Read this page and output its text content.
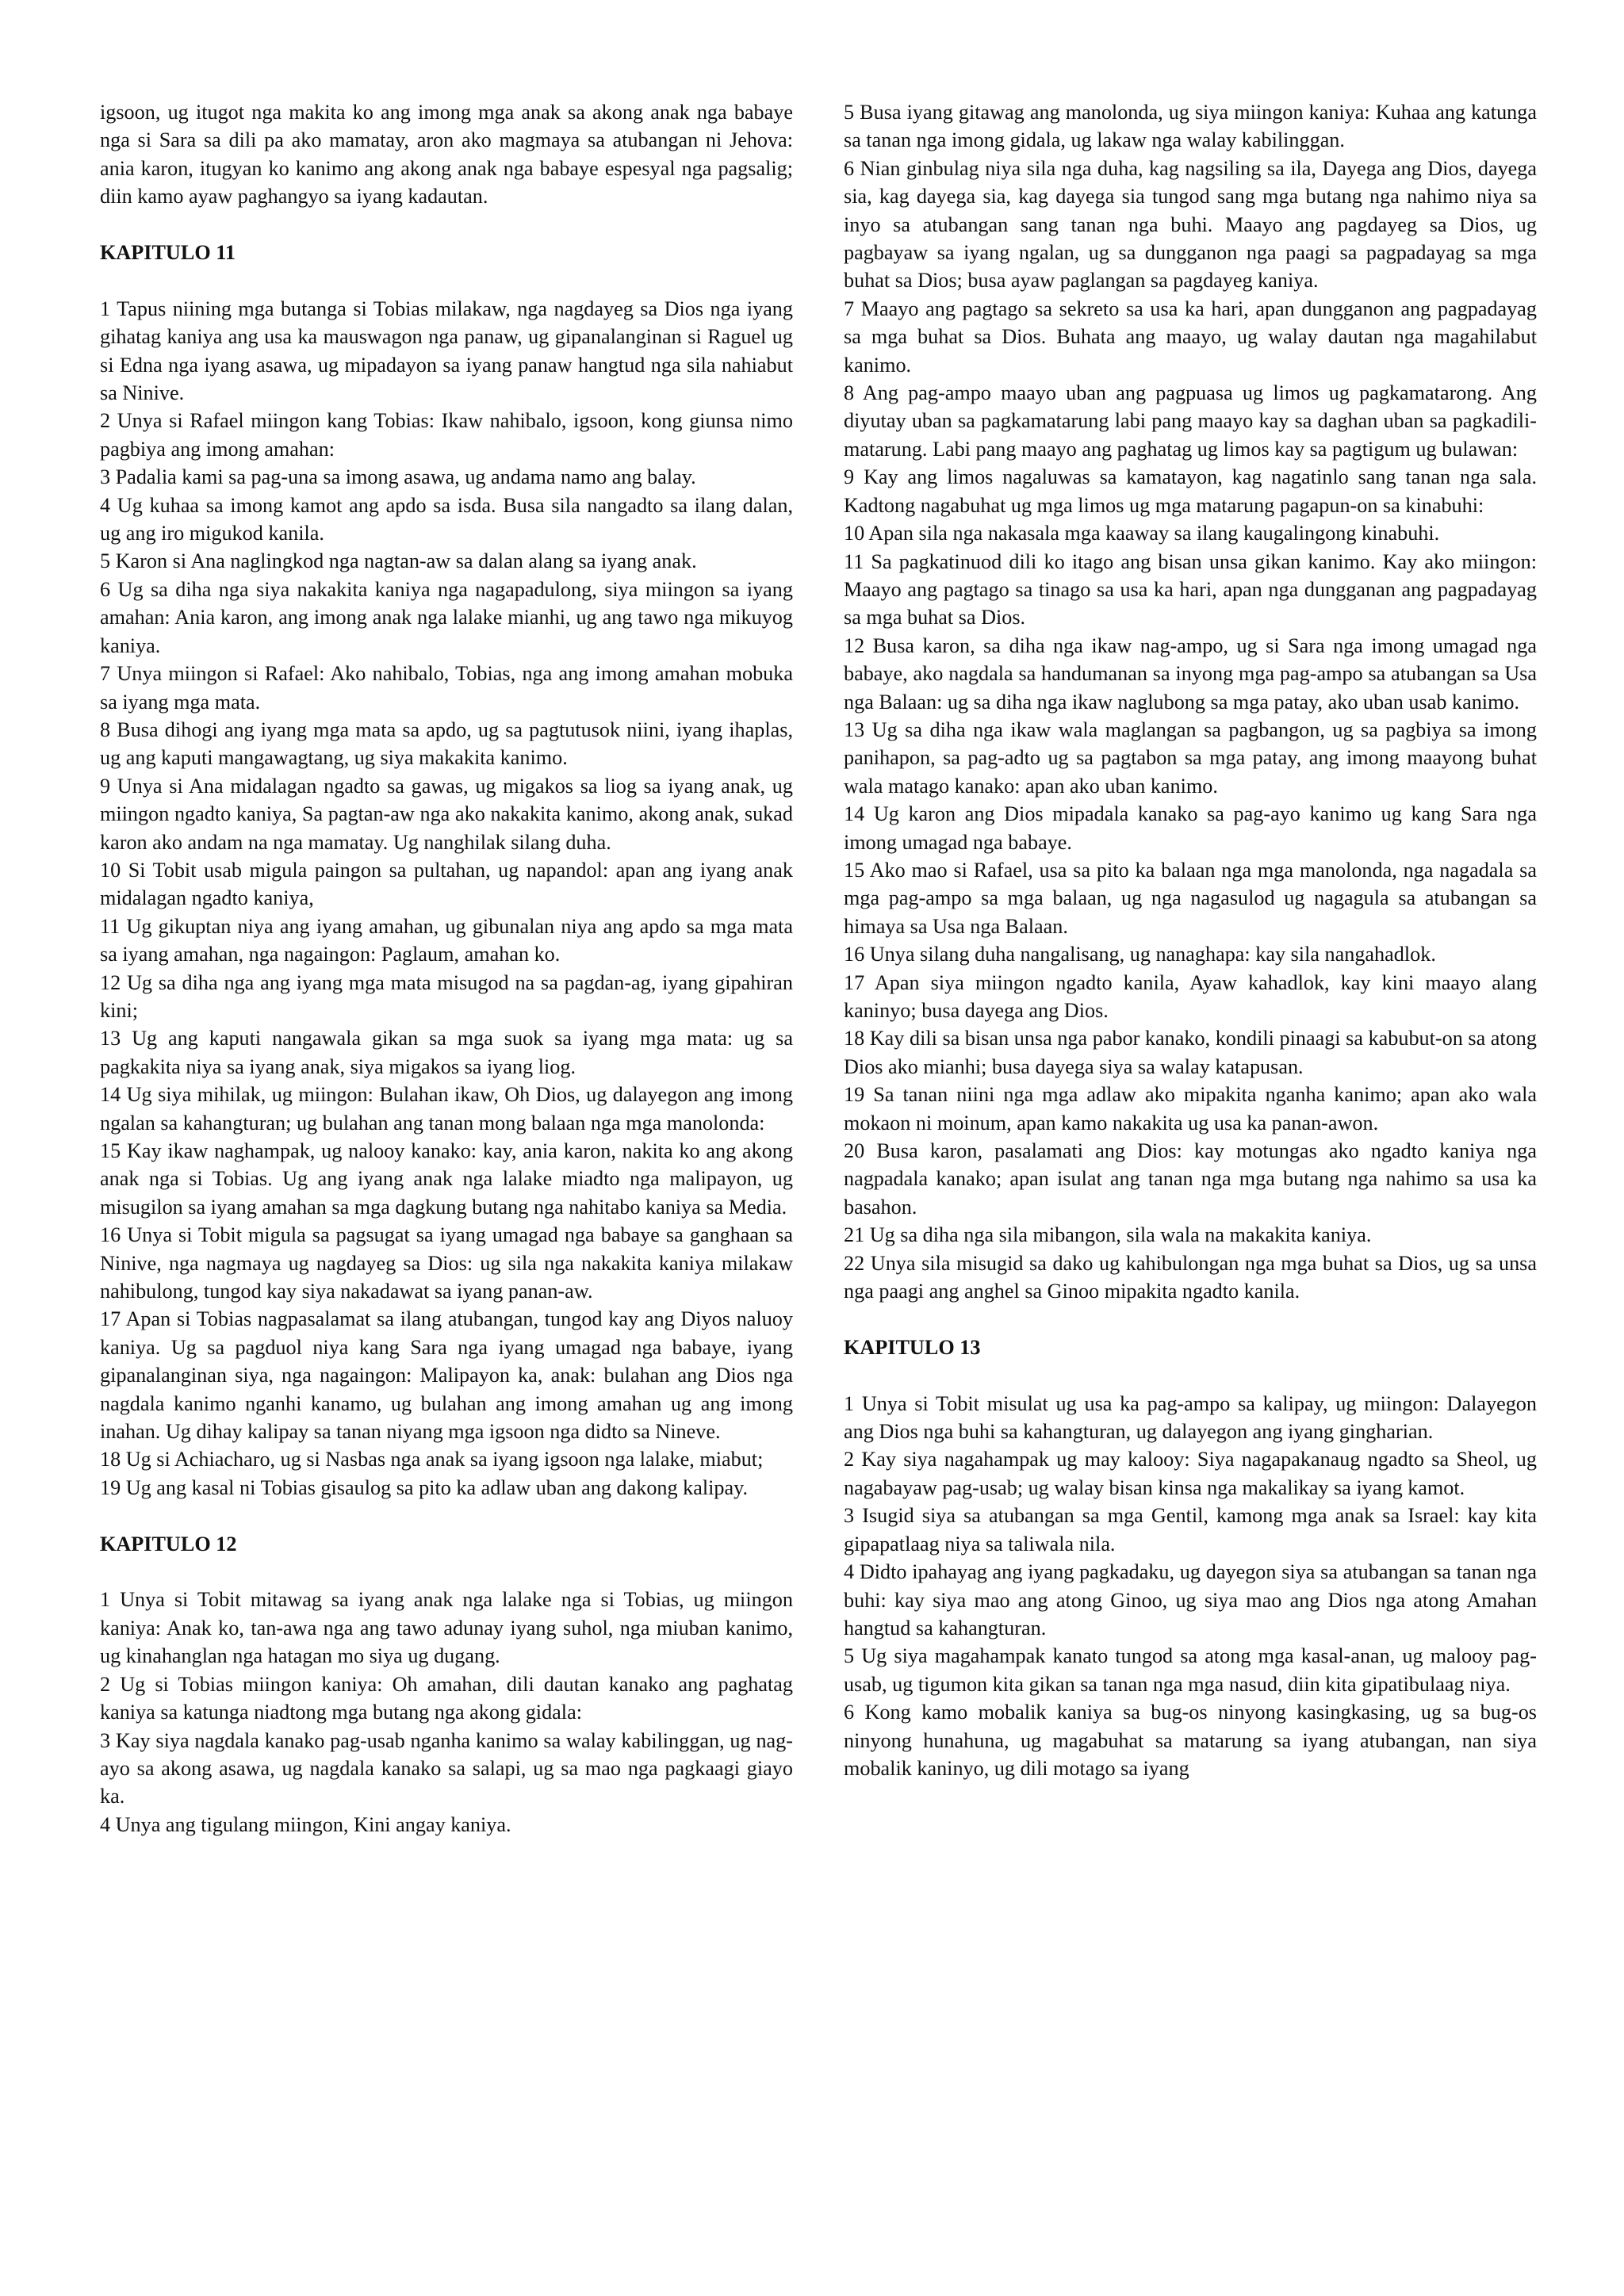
igsoon, ug itugot nga makita ko ang imong mga anak sa akong anak nga babaye nga si Sara sa dili pa ako mamatay, aron ako magmaya sa atubangan ni Jehova: ania karon, itugyan ko kanimo ang akong anak nga babaye espesyal nga pagsalig; diin kamo ayaw paghangyo sa iyang kadautan.

KAPITULO 11

1 Tapus niining mga butanga si Tobias milakaw, nga nagdayeg sa Dios nga iyang gihatag kaniya ang usa ka mauswagon nga panaw, ug gipanalanginan si Raguel ug si Edna nga iyang asawa, ug mipadayon sa iyang panaw hangtud nga sila nahiabut sa Ninive.

2 Unya si Rafael miingon kang Tobias: Ikaw nahibalo, igsoon, kong giunsa nimo pagbiya ang imong amahan:

3 Padalia kami sa pag-una sa imong asawa, ug andama namo ang balay.

4 Ug kuhaa sa imong kamot ang apdo sa isda. Busa sila nangadto sa ilang dalan, ug ang iro migukod kanila.

5 Karon si Ana naglingkod nga nagtan-aw sa dalan alang sa iyang anak.

6 Ug sa diha nga siya nakakita kaniya nga nagapadulong, siya miingon sa iyang amahan: Ania karon, ang imong anak nga lalake mianhi, ug ang tawo nga mikuyog kaniya.

7 Unya miingon si Rafael: Ako nahibalo, Tobias, nga ang imong amahan mobuka sa iyang mga mata.

8 Busa dihogi ang iyang mga mata sa apdo, ug sa pagtutusok niini, iyang ihaplas, ug ang kaputi mangawagtang, ug siya makakita kanimo.

9 Unya si Ana midalagan ngadto sa gawas, ug migakos sa liog sa iyang anak, ug miingon ngadto kaniya, Sa pagtan-aw nga ako nakakita kanimo, akong anak, sukad karon ako andam na nga mamatay. Ug nanghilak silang duha.

10 Si Tobit usab migula paingon sa pultahan, ug napandol: apan ang iyang anak midalagan ngadto kaniya,

11 Ug gikuptan niya ang iyang amahan, ug gibunalan niya ang apdo sa mga mata sa iyang amahan, nga nagaingon: Paglaum, amahan ko.

12 Ug sa diha nga ang iyang mga mata misugod na sa pagdan-ag, iyang gipahiran kini;

13 Ug ang kaputi nangawala gikan sa mga suok sa iyang mga mata: ug sa pagkakita niya sa iyang anak, siya migakos sa iyang liog.

14 Ug siya mihilak, ug miingon: Bulahan ikaw, Oh Dios, ug dalayegon ang imong ngalan sa kahangturan; ug bulahan ang tanan mong balaan nga mga manolonda:

15 Kay ikaw naghampak, ug nalooy kanako: kay, ania karon, nakita ko ang akong anak nga si Tobias. Ug ang iyang anak nga lalake miadto nga malipayon, ug misugilon sa iyang amahan sa mga dagkung butang nga nahitabo kaniya sa Media.

16 Unya si Tobit migula sa pagsugat sa iyang umagad nga babaye sa ganghaan sa Ninive, nga nagmaya ug nagdayeg sa Dios: ug sila nga nakakita kaniya milakaw nahibulong, tungod kay siya nakadawat sa iyang panan-aw.

17 Apan si Tobias nagpasalamat sa ilang atubangan, tungod kay ang Diyos naluoy kaniya. Ug sa pagduol niya kang Sara nga iyang umagad nga babaye, iyang gipanalanginan siya, nga nagaingon: Malipayon ka, anak: bulahan ang Dios nga nagdala kanimo nganhi kanamo, ug bulahan ang imong amahan ug ang imong inahan. Ug dihay kalipay sa tanan niyang mga igsoon nga didto sa Nineve.

18 Ug si Achiacharo, ug si Nasbas nga anak sa iyang igsoon nga lalake, miabut;

19 Ug ang kasal ni Tobias gisaulog sa pito ka adlaw uban ang dakong kalipay.

KAPITULO 12

1 Unya si Tobit mitawag sa iyang anak nga lalake nga si Tobias, ug miingon kaniya: Anak ko, tan-awa nga ang tawo adunay iyang suhol, nga miuban kanimo, ug kinahanglan nga hatagan mo siya ug dugang.

2 Ug si Tobias miingon kaniya: Oh amahan, dili dautan kanako ang paghatag kaniya sa katunga niadtong mga butang nga akong gidala:

3 Kay siya nagdala kanako pag-usab nganha kanimo sa walay kabilinggan, ug nag-ayo sa akong asawa, ug nagdala kanako sa salapi, ug sa mao nga pagkaagi giayo ka.

4 Unya ang tigulang miingon, Kini angay kaniya.

5 Busa iyang gitawag ang manolonda, ug siya miingon kaniya: Kuhaa ang katunga sa tanan nga imong gidala, ug lakaw nga walay kabilinggan.

6 Nian ginbulag niya sila nga duha, kag nagsiling sa ila, Dayega ang Dios, dayega sia, kag dayega sia, kag dayega sia tungod sang mga butang nga nahimo niya sa inyo sa atubangan sang tanan nga buhi. Maayo ang pagdayeg sa Dios, ug pagbayaw sa iyang ngalan, ug sa dungganon nga paagi sa pagpadayag sa mga buhat sa Dios; busa ayaw paglangan sa pagdayeg kaniya.

7 Maayo ang pagtago sa sekreto sa usa ka hari, apan dungganon ang pagpadayag sa mga buhat sa Dios. Buhata ang maayo, ug walay dautan nga magahilabut kanimo.

8 Ang pag-ampo maayo uban ang pagpuasa ug limos ug pagkamatarong. Ang diyutay uban sa pagkamatarung labi pang maayo kay sa daghan uban sa pagkadili-matarung. Labi pang maayo ang paghatag ug limos kay sa pagtigum ug bulawan:

9 Kay ang limos nagaluwas sa kamatayon, kag nagatinlo sang tanan nga sala. Kadtong nagabuhat ug mga limos ug mga matarung pagapun-on sa kinabuhi:

10 Apan sila nga nakasala mga kaaway sa ilang kaugalingong kinabuhi.

11 Sa pagkatinuod dili ko itago ang bisan unsa gikan kanimo. Kay ako miingon: Maayo ang pagtago sa tinago sa usa ka hari, apan nga dungganan ang pagpadayag sa mga buhat sa Dios.

12 Busa karon, sa diha nga ikaw nag-ampo, ug si Sara nga imong umagad nga babaye, ako nagdala sa handumanan sa inyong mga pag-ampo sa atubangan sa Usa nga Balaan: ug sa diha nga ikaw naglubong sa mga patay, ako uban usab kanimo.

13 Ug sa diha nga ikaw wala maglangan sa pagbangon, ug sa pagbiya sa imong panihapon, sa pag-adto ug sa pagtabon sa mga patay, ang imong maayong buhat wala matago kanako: apan ako uban kanimo.

14 Ug karon ang Dios mipadala kanako sa pag-ayo kanimo ug kang Sara nga imong umagad nga babaye.

15 Ako mao si Rafael, usa sa pito ka balaan nga mga manolonda, nga nagadala sa mga pag-ampo sa mga balaan, ug nga nagasulod ug nagagula sa atubangan sa himaya sa Usa nga Balaan.

16 Unya silang duha nangalisang, ug nanaghapa: kay sila nangahadlok.

17 Apan siya miingon ngadto kanila, Ayaw kahadlok, kay kini maayo alang kaninyo; busa dayega ang Dios.

18 Kay dili sa bisan unsa nga pabor kanako, kondili pinaagi sa kabubut-on sa atong Dios ako mianhi; busa dayega siya sa walay katapusan.

19 Sa tanan niini nga mga adlaw ako mipakita nganha kanimo; apan ako wala mokaon ni moinum, apan kamo nakakita ug usa ka panan-awon.

20 Busa karon, pasalamati ang Dios: kay motungas ako ngadto kaniya nga nagpadala kanako; apan isulat ang tanan nga mga butang nga nahimo sa usa ka basahon.

21 Ug sa diha nga sila mibangon, sila wala na makakita kaniya.

22 Unya sila misugid sa dako ug kahibulongan nga mga buhat sa Dios, ug sa unsa nga paagi ang anghel sa Ginoo mipakita ngadto kanila.

KAPITULO 13

1 Unya si Tobit misulat ug usa ka pag-ampo sa kalipay, ug miingon: Dalayegon ang Dios nga buhi sa kahangturan, ug dalayegon ang iyang gingharian.

2 Kay siya nagahampak ug may kalooy: Siya nagapakanaug ngadto sa Sheol, ug nagabayaw pag-usab; ug walay bisan kinsa nga makalikay sa iyang kamot.

3 Isugid siya sa atubangan sa mga Gentil, kamong mga anak sa Israel: kay kita gipapatlaag niya sa taliwala nila.

4 Didto ipahayag ang iyang pagkadaku, ug dayegon siya sa atubangan sa tanan nga buhi: kay siya mao ang atong Ginoo, ug siya mao ang Dios nga atong Amahan hangtud sa kahangturan.

5 Ug siya magahampak kanato tungod sa atong mga kasal-anan, ug malooy pag-usab, ug tigumon kita gikan sa tanan nga mga nasud, diin kita gipatibulaag niya.

6 Kong kamo mobalik kaniya sa bug-os ninyong kasingkasing, ug sa bug-os ninyong hunahuna, ug magabuhat sa matarung sa iyang atubangan, nan siya mobalik kaninyo, ug dili motago sa iyang
